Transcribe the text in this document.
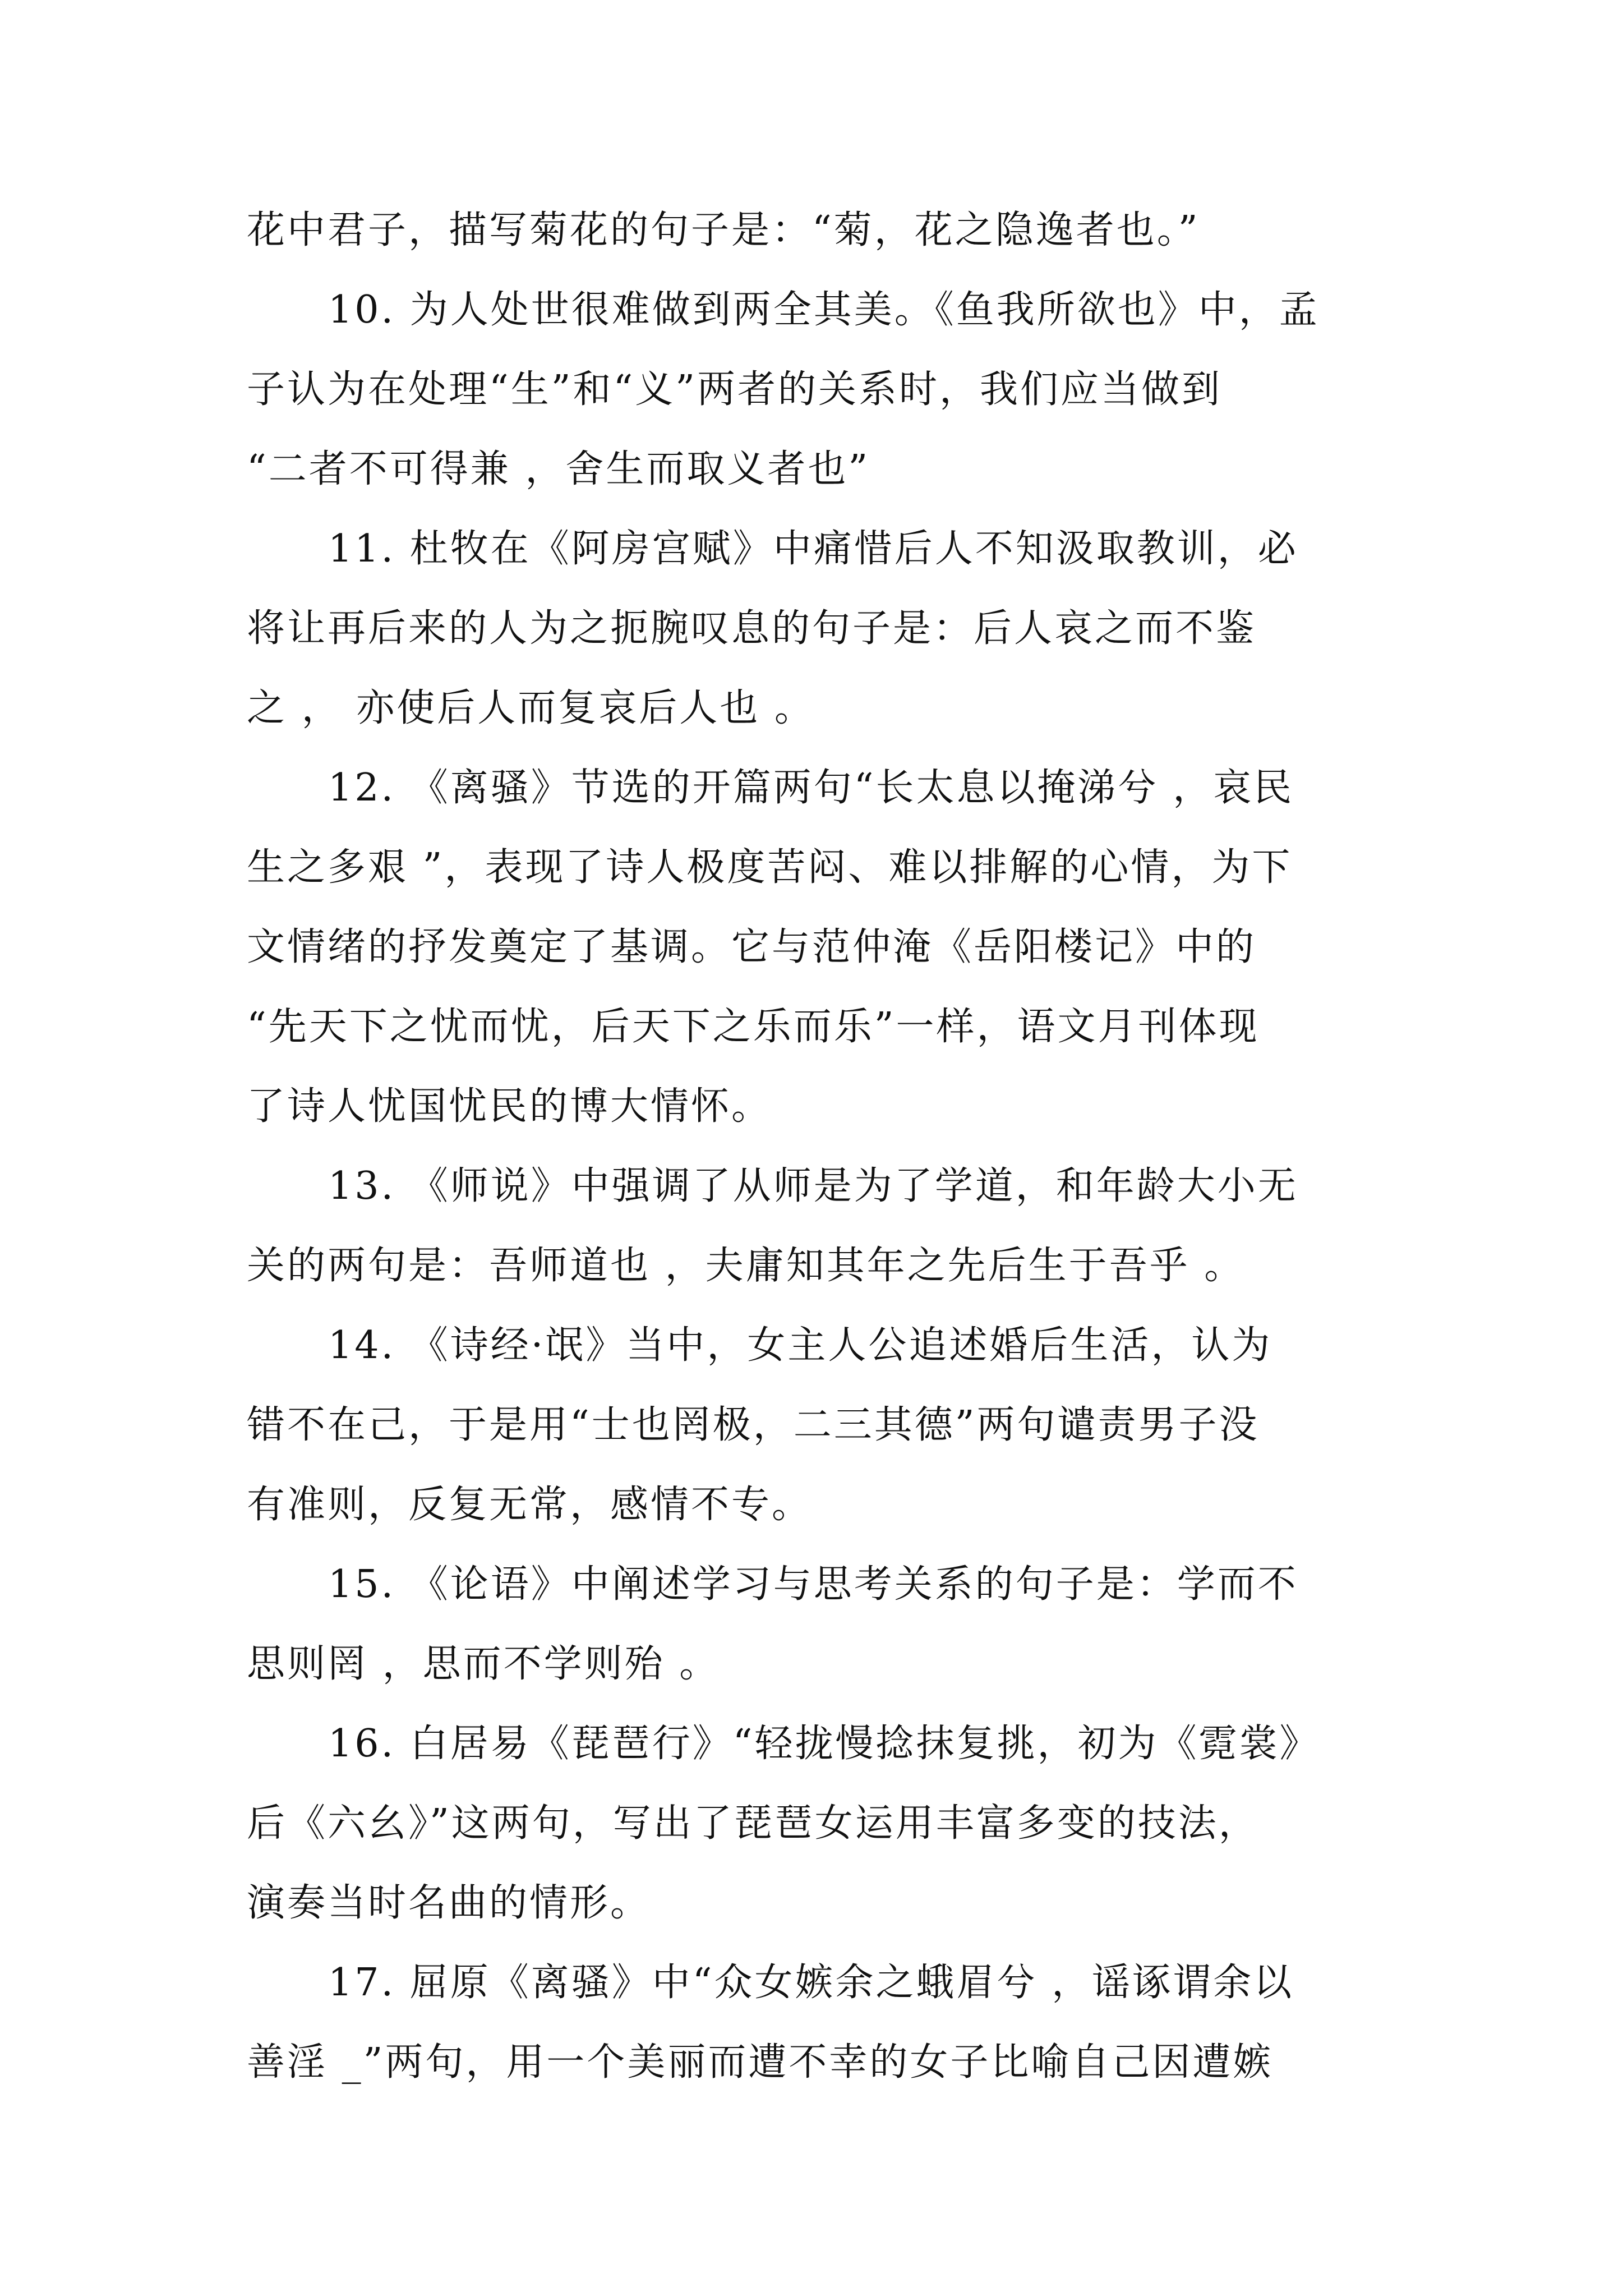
花中君子，描写菊花的句子是：“菊，花之隐逸者也。”
10. 为人处世很难做到两全其美。《鱼我所欲也》中，孟
子认为在处理“生”和“义”两者的关系时，我们应当做到
“二者不可得兼 ，舍生而取义者也”
11. 杜牧在《阿房宫赋》中痛惜后人不知汲取教训，必
将让再后来的人为之扼腕叹息的句子是：后人哀之而不鉴
之 ， 亦使后人而复哀后人也 。
12. 《离骚》节选的开篇两句“长太息以掩涕兮 ，哀民
生之多艰 ”，表现了诗人极度苦闷、难以排解的心情，为下
文情绪的抒发奠定了基调。它与范仲淹《岳阳楼记》中的
“先天下之忧而忧，后天下之乐而乐”一样，语文月刊体现
了诗人忧国忧民的博大情怀。
13. 《师说》中强调了从师是为了学道，和年龄大小无
关的两句是：吾师道也 ，夫庸知其年之先后生于吾乎 。
14. 《诗经·氓》当中，女主人公追述婚后生活，认为
错不在己，于是用“士也罔极，二三其德”两句谴责男子没
有准则，反复无常，感情不专。
15. 《论语》中阐述学习与思考关系的句子是：学而不
思则罔 ，思而不学则殆 。
16. 白居易《琵琶行》“轻拢慢捻抹复挑，初为《霓裳》
后《六幺》”这两句，写出了琵琶女运用丰富多变的技法，
演奏当时名曲的情形。
17. 屈原《离骚》中“众女嫉余之蛾眉兮 ，谣诼谓余以
善淫 _”两句，用一个美丽而遭不幸的女子比喻自己因遭嫉
